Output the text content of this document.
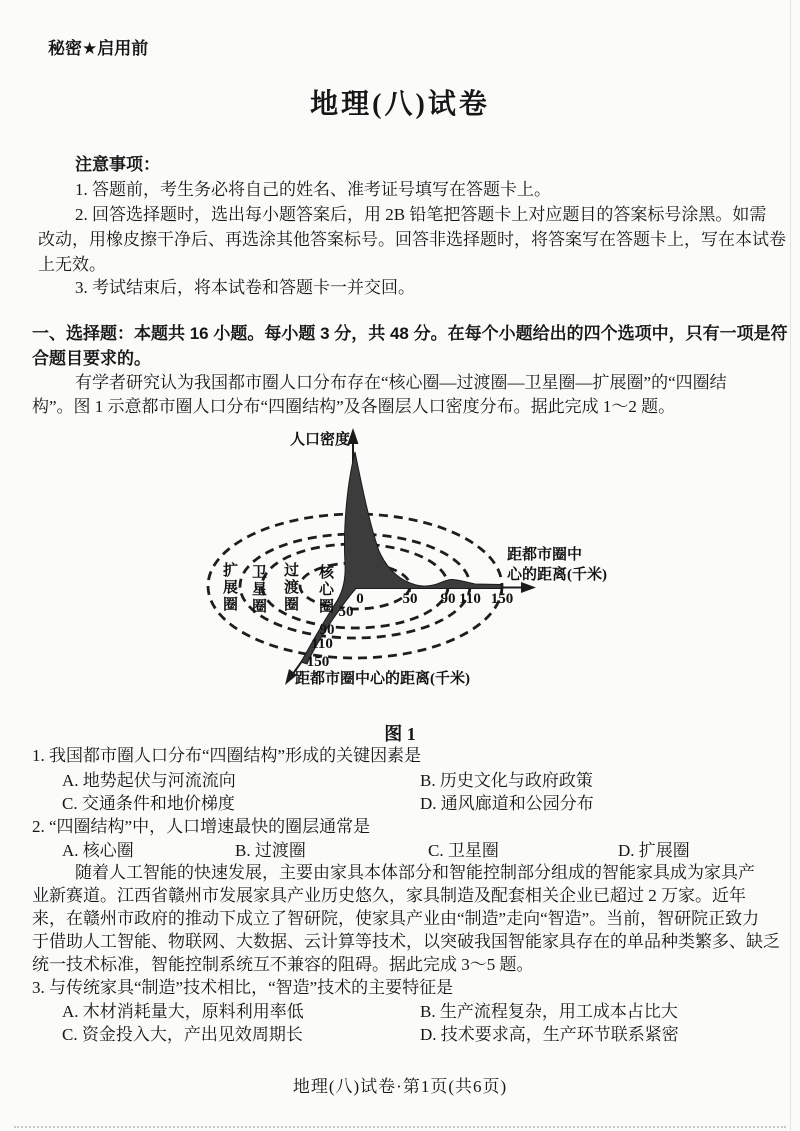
秘密★启用前
地理(八)试卷
注意事项：
1. 答题前，考生务必将自己的姓名、准考证号填写在答题卡上。
2. 回答选择题时，选出每小题答案后，用 2B 铅笔把答题卡上对应题目的答案标号涂黑。如需
改动，用橡皮擦干净后、再选涂其他答案标号。回答非选择题时，将答案写在答题卡上，写在本试卷
上无效。
3. 考试结束后，将本试卷和答题卡一并交回。
一、选择题：本题共 16 小题。每小题 3 分，共 48 分。在每个小题给出的四个选项中，只有一项是符
合题目要求的。
有学者研究认为我国都市圈人口分布存在“核心圈—过渡圈—卫星圈—扩展圈”的“四圈结
构”。图 1 示意都市圈人口分布“四圈结构”及各圈层人口密度分布。据此完成 1～2 题。
人口密度
距都市圈中
心的距离(千米)
距都市圈中心的距离(千米)
0	50 90 110 150
50
90
110
150
扩展圈 卫星圈 过渡圈 核心圈
图 1
1. 我国都市圈人口分布“四圈结构”形成的关键因素是
A. 地势起伏与河流流向	B. 历史文化与政府政策
C. 交通条件和地价梯度	D. 通风廊道和公园分布
2. “四圈结构”中，人口增速最快的圈层通常是
A. 核心圈	B. 过渡圈	C. 卫星圈	D. 扩展圈
随着人工智能的快速发展，主要由家具本体部分和智能控制部分组成的智能家具成为家具产
业新赛道。江西省赣州市发展家具产业历史悠久，家具制造及配套相关企业已超过 2 万家。近年
来，在赣州市政府的推动下成立了智研院，使家具产业由“制造”走向“智造”。当前，智研院正致力
于借助人工智能、物联网、大数据、云计算等技术，以突破我国智能家具存在的单品种类繁多、缺乏
统一技术标准，智能控制系统互不兼容的阻碍。据此完成 3～5 题。
3. 与传统家具“制造”技术相比，“智造”技术的主要特征是
A. 木材消耗量大，原料利用率低	B. 生产流程复杂，用工成本占比大
C. 资金投入大，产出见效周期长	D. 技术要求高，生产环节联系紧密
地理(八)试卷·第1页(共6页)
